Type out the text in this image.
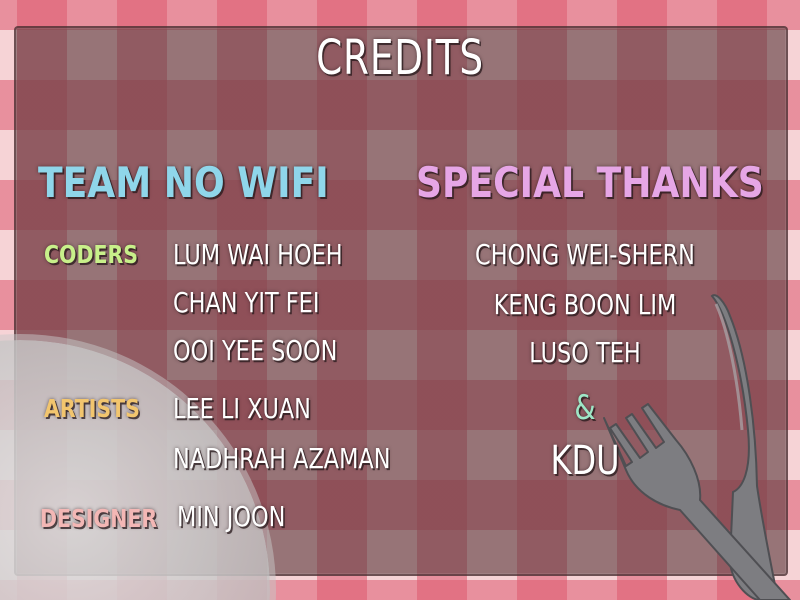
CREDITS
TEAM NO WIFI SPECIAL THANKS
CODERS LUM WAI HOEH
CHAN YIT FEI
OOI YEE SOON
ARTISTS LEE LI XUAN
NADHRAH AZAMAN
DESIGNER MIN JOON
CHONG WEI-SHERN
KENG BOON LIM
LUSO TEH
&
KDU
